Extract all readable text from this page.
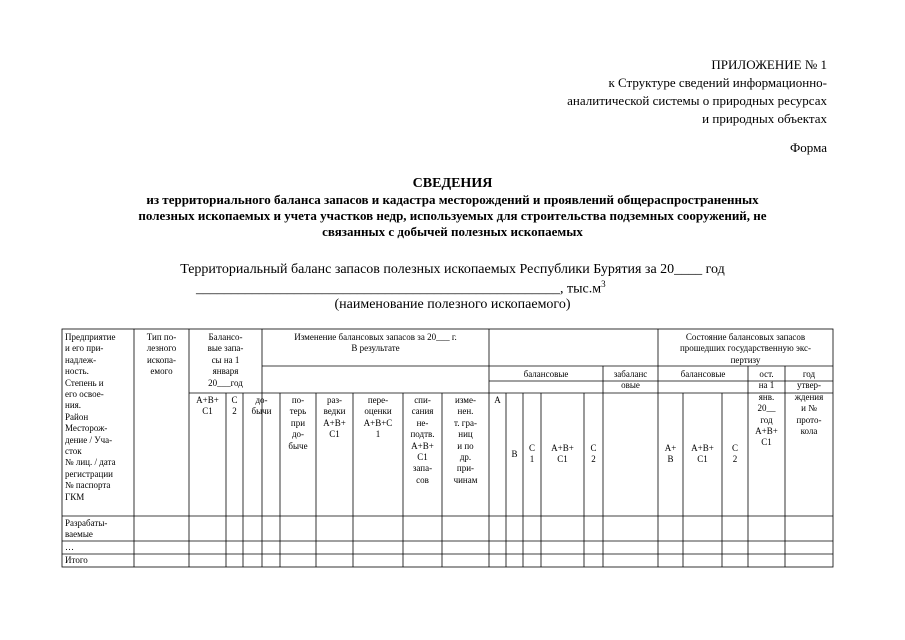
ПРИЛОЖЕНИЕ № 1
к Структуре сведений информационно-
аналитической системы о природных ресурсах
и природных объектах
Форма
СВЕДЕНИЯ
из территориального баланса запасов и кадастра месторождений и проявлений общераспространенных
полезных ископаемых и учета участков недр, используемых для строительства подземных сооружений, не
связанных с добычей полезных ископаемых
Территориальный баланс запасов полезных ископаемых Республики Бурятия за 20____ год
____________________________________________________, $тыс.м^3$
(наименование полезного ископаемого)
Предприятие
и его при-
надлеж-
ность.
Степень и
его освое-
ния.
Район
Месторож-
дение / Уча-
сток
№ лиц. / дата
регистрации
№ паспорта
ГКМ
Тип по-
лезного
ископа-
емого
Балансо-
вые запа-
сы на 1
января
20___год
Изменение балансовых запасов за 20___ г.
В результате
Состояние балансовых запасов
прошедших государственную экс-
пертизу
балансовые	забаланс
овые
балансовые	ост.
на 1
янв.
20__
год
А+В+
С1
год
утвер-
ждения
и №
прото-
кола
А+В+
С1
С
2
до-
бычи
по-
терь
при
до-
быче
раз-
ведки
А+В+
С1
пере-
оценки
А+В+С
1
спи-
сания
не-
подтв.
А+В+
С1
запа-
сов
изме-
нен.
т. гра-
ниц
и по
др.
при-
чинам
А
В
С
1
А+В+
С1
С
2
А+
В
А+В+
С1
С
2
Разрабаты-
ваемые
…
Итого
